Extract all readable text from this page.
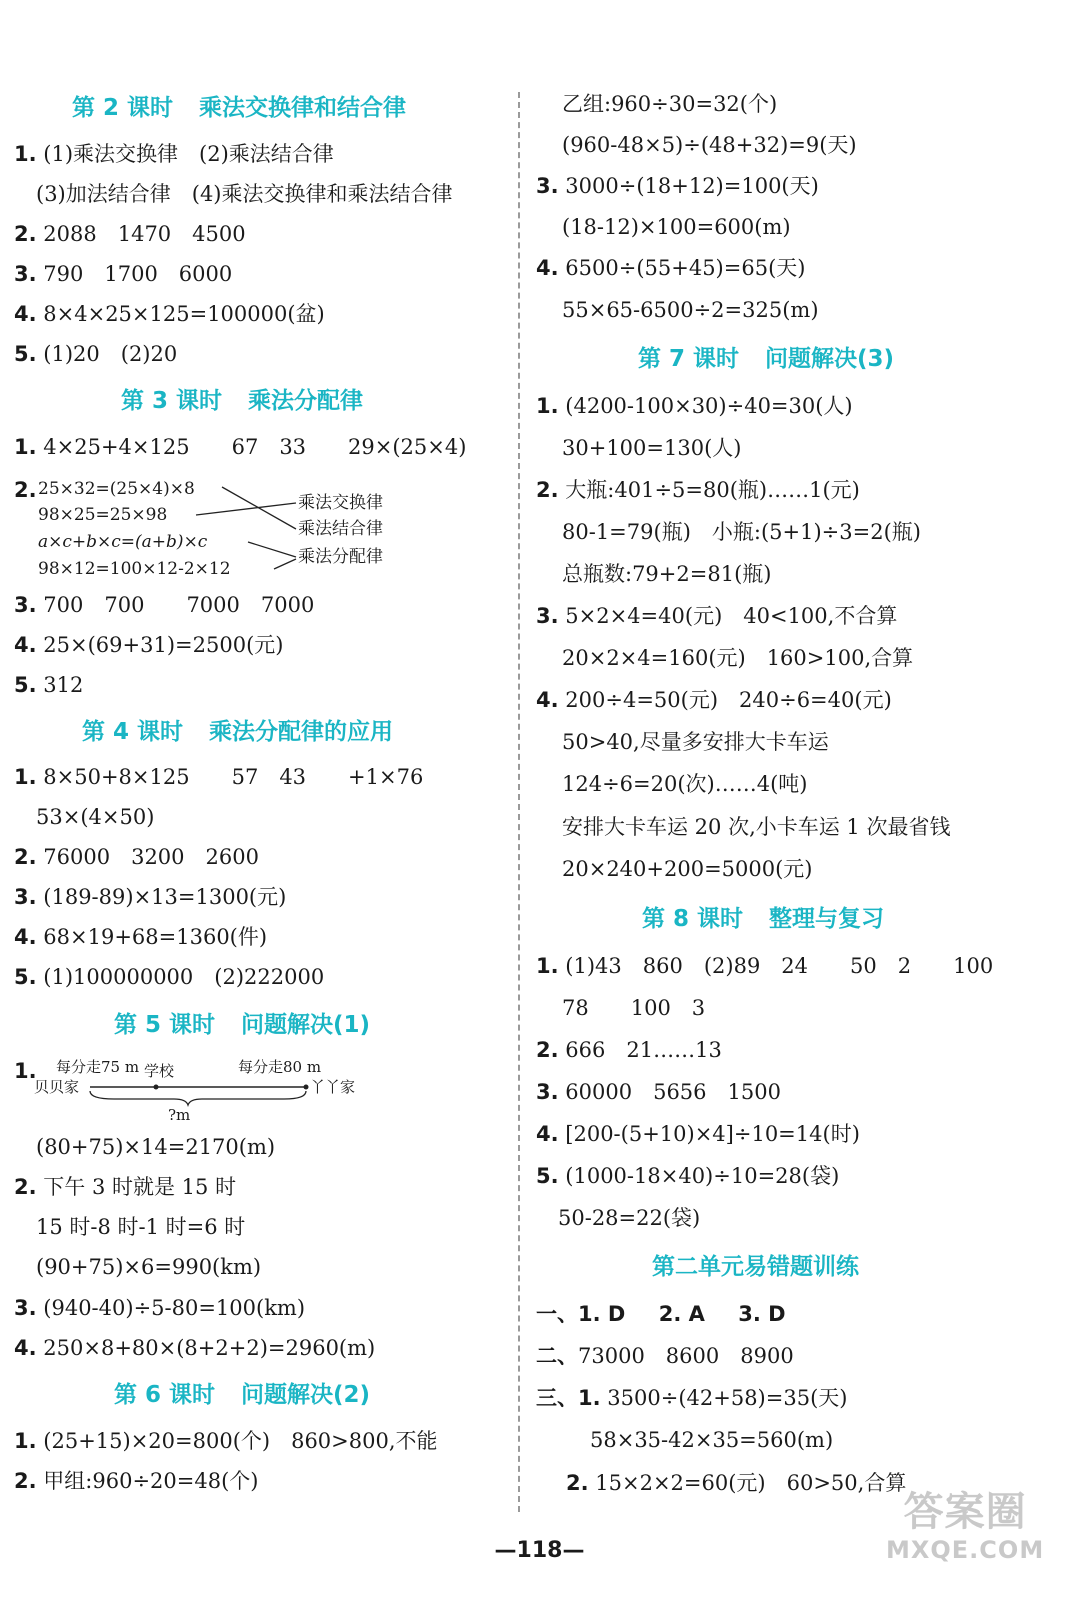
第 2 课时 乘法交换律和结合律
1. (1)乘法交换律　(2)乘法结合律
(3)加法结合律　(4)乘法交换律和乘法结合律
2. 2088　1470　4500
3. 790　1700　6000
4. 8×4×25×125=100000(盆)
5. (1)20　(2)20
第 3 课时 乘法分配律
1. 4×25+4×125　　67　33　　29×(25×4)
2. 25×32=(25×4)×8
98×25=25×98
a×c+b×c=(a+b)×c
98×12=100×12-2×12
乘法交换律
乘法结合律
乘法分配律
3. 700　700　　7000　7000
4. 25×(69+31)=2500(元)
5. 312
第 4 课时 乘法分配律的应用
1. 8×50+8×125　　57　43　　+1×76
53×(4×50)
2. 76000　3200　2600
3. (189-89)×13=1300(元)
4. 68×19+68=1360(件)
5. (1)100000000　(2)222000
第 5 课时 问题解决(1)
1. 每分走75 m 学校	每分走80 m
贝贝家	丫丫家
?m
(80+75)×14=2170(m)
2. 下午 3 时就是 15 时
15 时-8 时-1 时=6 时
(90+75)×6=990(km)
3. (940-40)÷5-80=100(km)
4. 250×8+80×(8+2+2)=2960(m)
第 6 课时 问题解决(2)
1. (25+15)×20=800(个)　860>800,不能
2. 甲组:960÷20=48(个)
乙组:960÷30=32(个)
(960-48×5)÷(48+32)=9(天)
3. 3000÷(18+12)=100(天)
(18-12)×100=600(m)
4. 6500÷(55+45)=65(天)
55×65-6500÷2=325(m)
第 7 课时 问题解决(3)
1. (4200-100×30)÷40=30(人)
30+100=130(人)
2. 大瓶:401÷5=80(瓶)……1(元)
80-1=79(瓶)　小瓶:(5+1)÷3=2(瓶)
总瓶数:79+2=81(瓶)
3. 5×2×4=40(元)　40<100,不合算
20×2×4=160(元)　160>100,合算
4. 200÷4=50(元)　240÷6=40(元)
50>40,尽量多安排大卡车运
124÷6=20(次)……4(吨)
安排大卡车运 20 次,小卡车运 1 次最省钱
20×240+200=5000(元)
第 8 课时 整理与复习
1. (1)43　860　(2)89　24　　50　2　　100
78　　100　3
2. 666　21……13
3. 60000　5656　1500
4. [200-(5+10)×4]÷10=14(时)
5. (1000-18×40)÷10=28(袋)
50-28=22(袋)
第二单元易错题训练
一、1. D 2. A 3. D
二、73000　8600　8900
三、1. 3500÷(42+58)=35(天)
58×35-42×35=560(m)
2. 15×2×2=60(元)　60>50,合算
—118—
答案圈
MXQE.COM
